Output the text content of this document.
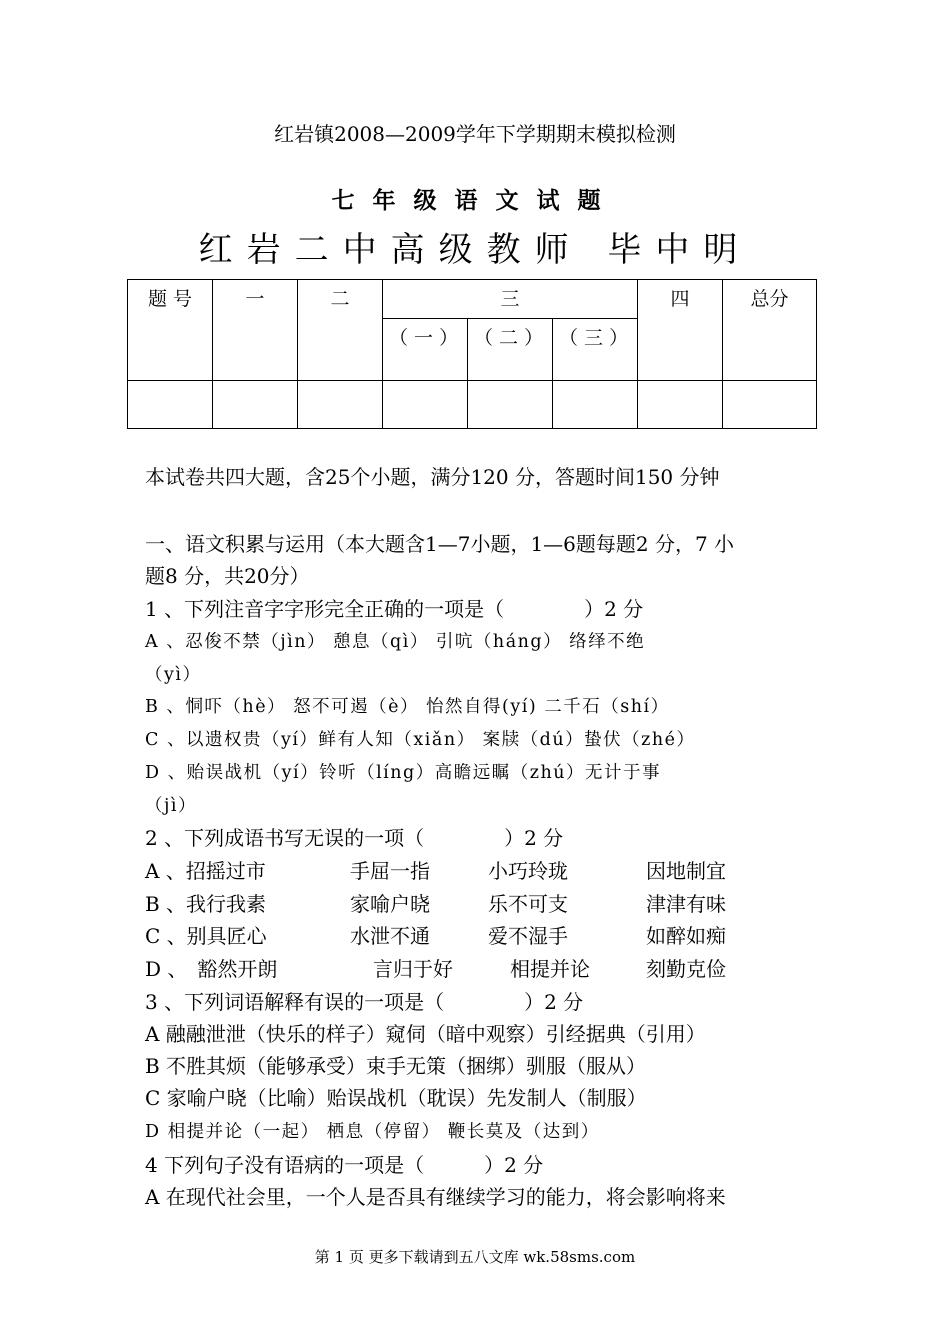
红岩镇2008—2009学年下学期期末模拟检测
七年级语文试题
红岩二中高级教师 毕中明
题 号	一	二	三			四	总分
			（ 一 ）	（ 二 ）	（ 三 ）		

本试卷共四大题，含25个小题，满分120 分，答题时间150 分钟
一、语文积累与运用（本大题含1—7小题，1—6题每题2 分，7 小
题8 分，共20分）
1 、下列注音字字形完全正确的一项是（　　　　）2 分
A 、忍俊不禁（jìn） 憩息（qì） 引吭（háng） 络绎不绝
（yì）
B 、恫吓（hè） 怒不可遏（è） 怡然自得(yí) 二千石（shí）
C 、以遗权贵（yí）鲜有人知（xiǎn） 案牍（dú）蛰伏（zhé）
D 、贻误战机（yí）铃听（líng）高瞻远瞩（zhú）无计于事
（jì）
2 、下列成语书写无误的一项（　　　　）2 分
A 、招摇过市	手屈一指	小巧玲珑	因地制宜
B 、我行我素	家喻户晓	乐不可支	津津有味
C 、别具匠心	水泄不通	爱不湿手	如醉如痴
D 、　豁然开朗	言归于好	相提并论	刻勤克俭
3 、下列词语解释有误的一项是（　　　　）2 分
A 融融泄泄（快乐的样子）窥伺（暗中观察）引经据典（引用）
B 不胜其烦（能够承受）束手无策（捆绑）驯服（服从）
C 家喻户晓（比喻）贻误战机（耽误）先发制人（制服）
D 相提并论（一起） 栖息（停留） 鞭长莫及（达到）
4 下列句子没有语病的一项是（　　　）2 分
A 在现代社会里，一个人是否具有继续学习的能力，将会影响将来
第 1 页 更多下载请到五八文库 wk.58sms.com
